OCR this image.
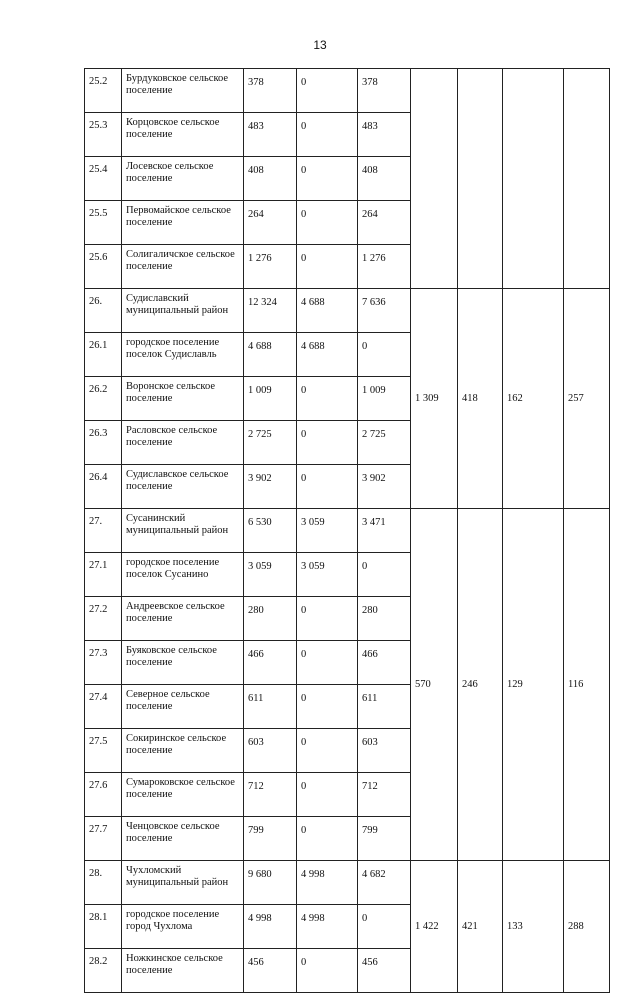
13
25.2	Бурдуковское сельское поселение	378	0	378				
25.3	Корцовское сельское поселение	483	0	483				
25.4	Лосевское сельское поселение	408	0	408				
25.5	Первомайское сельское поселение	264	0	264				
25.6	Солигаличское сельское поселение	1 276	0	1 276				
26.	Судиславский муниципальный район	12 324	4 688	7 636	1 309	418	162	257
26.1	городское поселение поселок Судиславль	4 688	4 688	0				
26.2	Воронское сельское поселение	1 009	0	1 009				
26.3	Расловское сельское поселение	2 725	0	2 725				
26.4	Судиславское сельское поселение	3 902	0	3 902				
27.	Сусанинский муниципальный район	6 530	3 059	3 471	570	246	129	116
27.1	городское поселение поселок Сусанино	3 059	3 059	0				
27.2	Андреевское сельское поселение	280	0	280				
27.3	Буяковское сельское поселение	466	0	466				
27.4	Северное сельское поселение	611	0	611				
27.5	Сокиринское сельское поселение	603	0	603				
27.6	Сумароковское сельское поселение	712	0	712				
27.7	Ченцовское сельское поселение	799	0	799				
28.	Чухломский муниципальный район	9 680	4 998	4 682	1 422	421	133	288
28.1	городское поселение город Чухлома	4 998	4 998	0				
28.2	Ножкинское сельское поселение	456	0	456				
